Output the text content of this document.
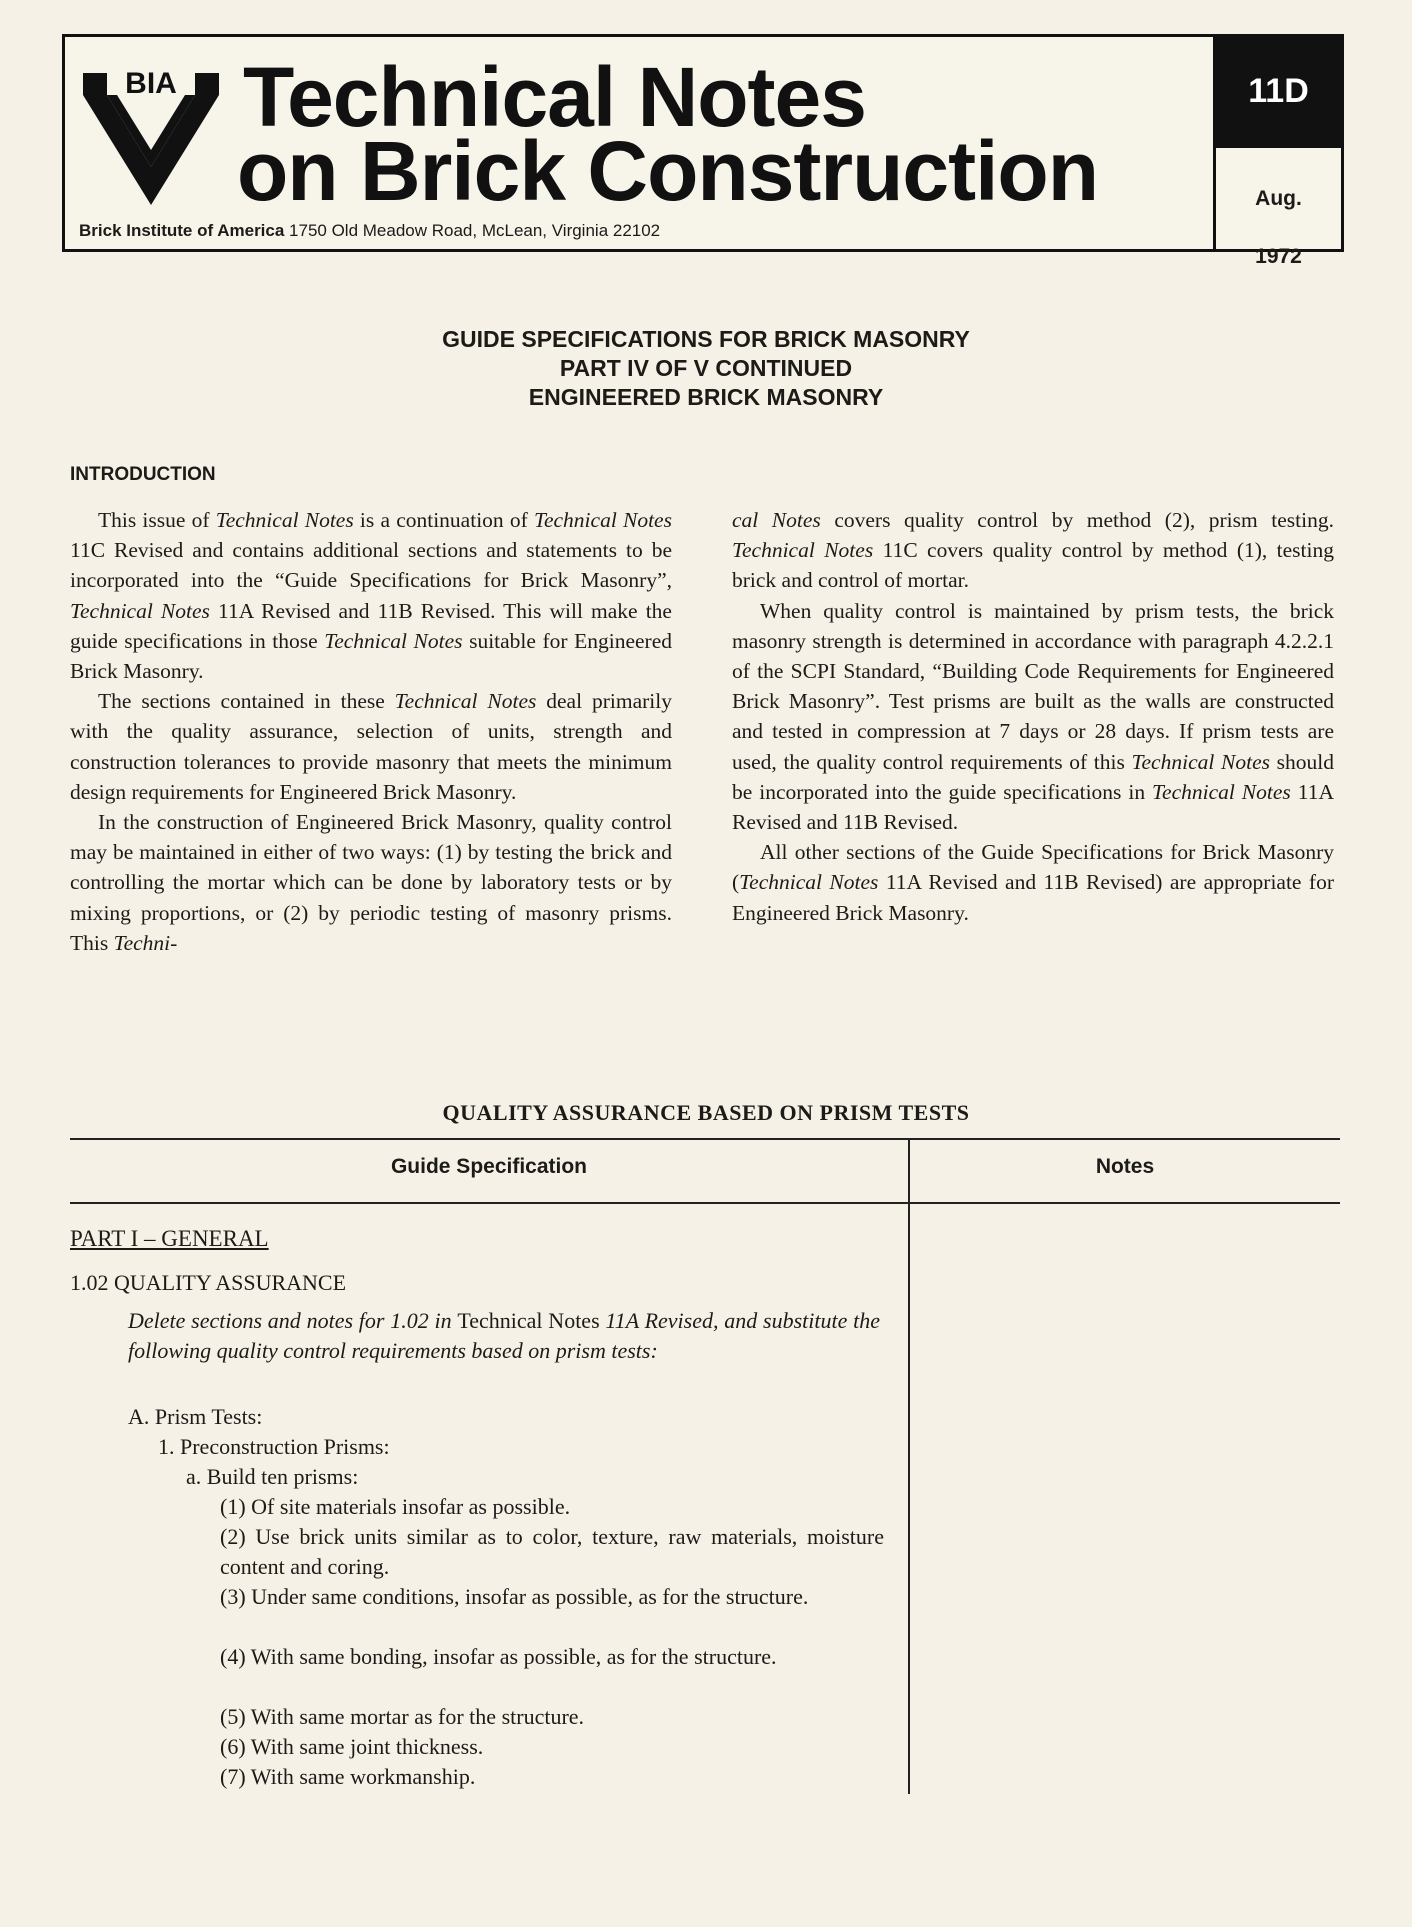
BIA Technical Notes
on Brick Construction
Brick Institute of America 1750 Old Meadow Road, McLean, Virginia 22102
11D
Aug.
1972
GUIDE SPECIFICATIONS FOR BRICK MASONRY
PART IV OF V CONTINUED
ENGINEERED BRICK MASONRY
INTRODUCTION

This issue of Technical Notes is a continuation of Technical Notes 11C Revised and contains additional sections and statements to be incorporated into the “Guide Specifications for Brick Masonry”, Technical Notes 11A Revised and 11B Revised. This will make the guide specifications in those Technical Notes suitable for Engineered Brick Masonry.

The sections contained in these Technical Notes deal primarily with the quality assurance, selection of units, strength and construction tolerances to provide masonry that meets the minimum design requirements for Engineered Brick Masonry.

In the construction of Engineered Brick Masonry, quality control may be maintained in either of two ways: (1) by testing the brick and controlling the mortar which can be done by laboratory tests or by mixing proportions, or (2) by periodic testing of masonry prisms. This Techni-

cal Notes covers quality control by method (2), prism testing. Technical Notes 11C covers quality control by method (1), testing brick and control of mortar.

When quality control is maintained by prism tests, the brick masonry strength is determined in accordance with paragraph 4.2.2.1 of the SCPI Standard, “Building Code Requirements for Engineered Brick Masonry”. Test prisms are built as the walls are constructed and tested in compression at 7 days or 28 days. If prism tests are used, the quality control requirements of this Technical Notes should be incorporated into the guide specifications in Technical Notes 11A Revised and 11B Revised.

All other sections of the Guide Specifications for Brick Masonry (Technical Notes 11A Revised and 11B Revised) are appropriate for Engineered Brick Masonry.

QUALITY ASSURANCE BASED ON PRISM TESTS
Guide Specification	Notes
PART I – GENERAL
1.02 QUALITY ASSURANCE
Delete sections and notes for 1.02 in Technical Notes 11A Revised, and substitute the following quality control requirements based on prism tests:
A. Prism Tests:
1. Preconstruction Prisms:
a. Build ten prisms:
(1) Of site materials insofar as possible.
(2) Use brick units similar as to color, texture, raw materials, moisture content and coring.
(3) Under same conditions, insofar as possible, as for the structure.
(4) With same bonding, insofar as possible, as for the structure.
(5) With same mortar as for the structure.
(6) With same joint thickness.
(7) With same workmanship.
